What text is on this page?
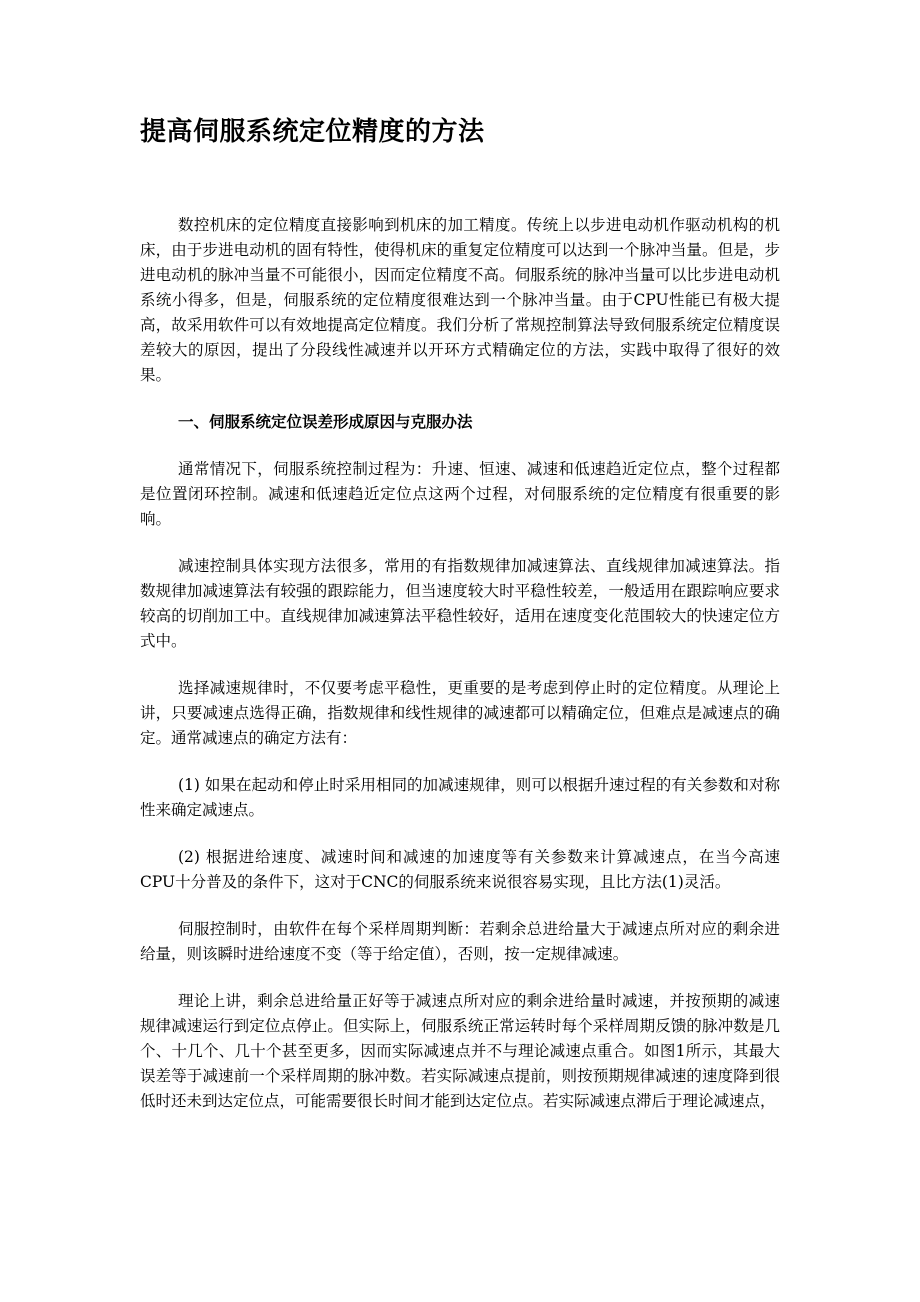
提高伺服系统定位精度的方法

数控机床的定位精度直接影响到机床的加工精度。传统上以步进电动机作驱动机构的机床，由于步进电动机的固有特性，使得机床的重复定位精度可以达到一个脉冲当量。但是，步进电动机的脉冲当量不可能很小，因而定位精度不高。伺服系统的脉冲当量可以比步进电动机系统小得多，但是，伺服系统的定位精度很难达到一个脉冲当量。由于CPU性能已有极大提高，故采用软件可以有效地提高定位精度。我们分析了常规控制算法导致伺服系统定位精度误差较大的原因，提出了分段线性减速并以开环方式精确定位的方法，实践中取得了很好的效果。

一、伺服系统定位误差形成原因与克服办法

通常情况下，伺服系统控制过程为：升速、恒速、减速和低速趋近定位点，整个过程都是位置闭环控制。减速和低速趋近定位点这两个过程，对伺服系统的定位精度有很重要的影响。

减速控制具体实现方法很多，常用的有指数规律加减速算法、直线规律加减速算法。指数规律加减速算法有较强的跟踪能力，但当速度较大时平稳性较差，一般适用在跟踪响应要求较高的切削加工中。直线规律加减速算法平稳性较好，适用在速度变化范围较大的快速定位方式中。

选择减速规律时，不仅要考虑平稳性，更重要的是考虑到停止时的定位精度。从理论上讲，只要减速点选得正确，指数规律和线性规律的减速都可以精确定位，但难点是减速点的确定。通常减速点的确定方法有：

(1) 如果在起动和停止时采用相同的加减速规律，则可以根据升速过程的有关参数和对称性来确定减速点。

(2) 根据进给速度、减速时间和减速的加速度等有关参数来计算减速点，在当今高速CPU十分普及的条件下，这对于CNC的伺服系统来说很容易实现，且比方法(1)灵活。

伺服控制时，由软件在每个采样周期判断：若剩余总进给量大于减速点所对应的剩余进给量，则该瞬时进给速度不变（等于给定值），否则，按一定规律减速。

理论上讲，剩余总进给量正好等于减速点所对应的剩余进给量时减速，并按预期的减速规律减速运行到定位点停止。但实际上，伺服系统正常运转时每个采样周期反馈的脉冲数是几个、十几个、几十个甚至更多，因而实际减速点并不与理论减速点重合。如图1所示，其最大误差等于减速前一个采样周期的脉冲数。若实际减速点提前，则按预期规律减速的速度降到很低时还未到达定位点，可能需要很长时间才能到达定位点。若实际减速点滞后于理论减速点，
